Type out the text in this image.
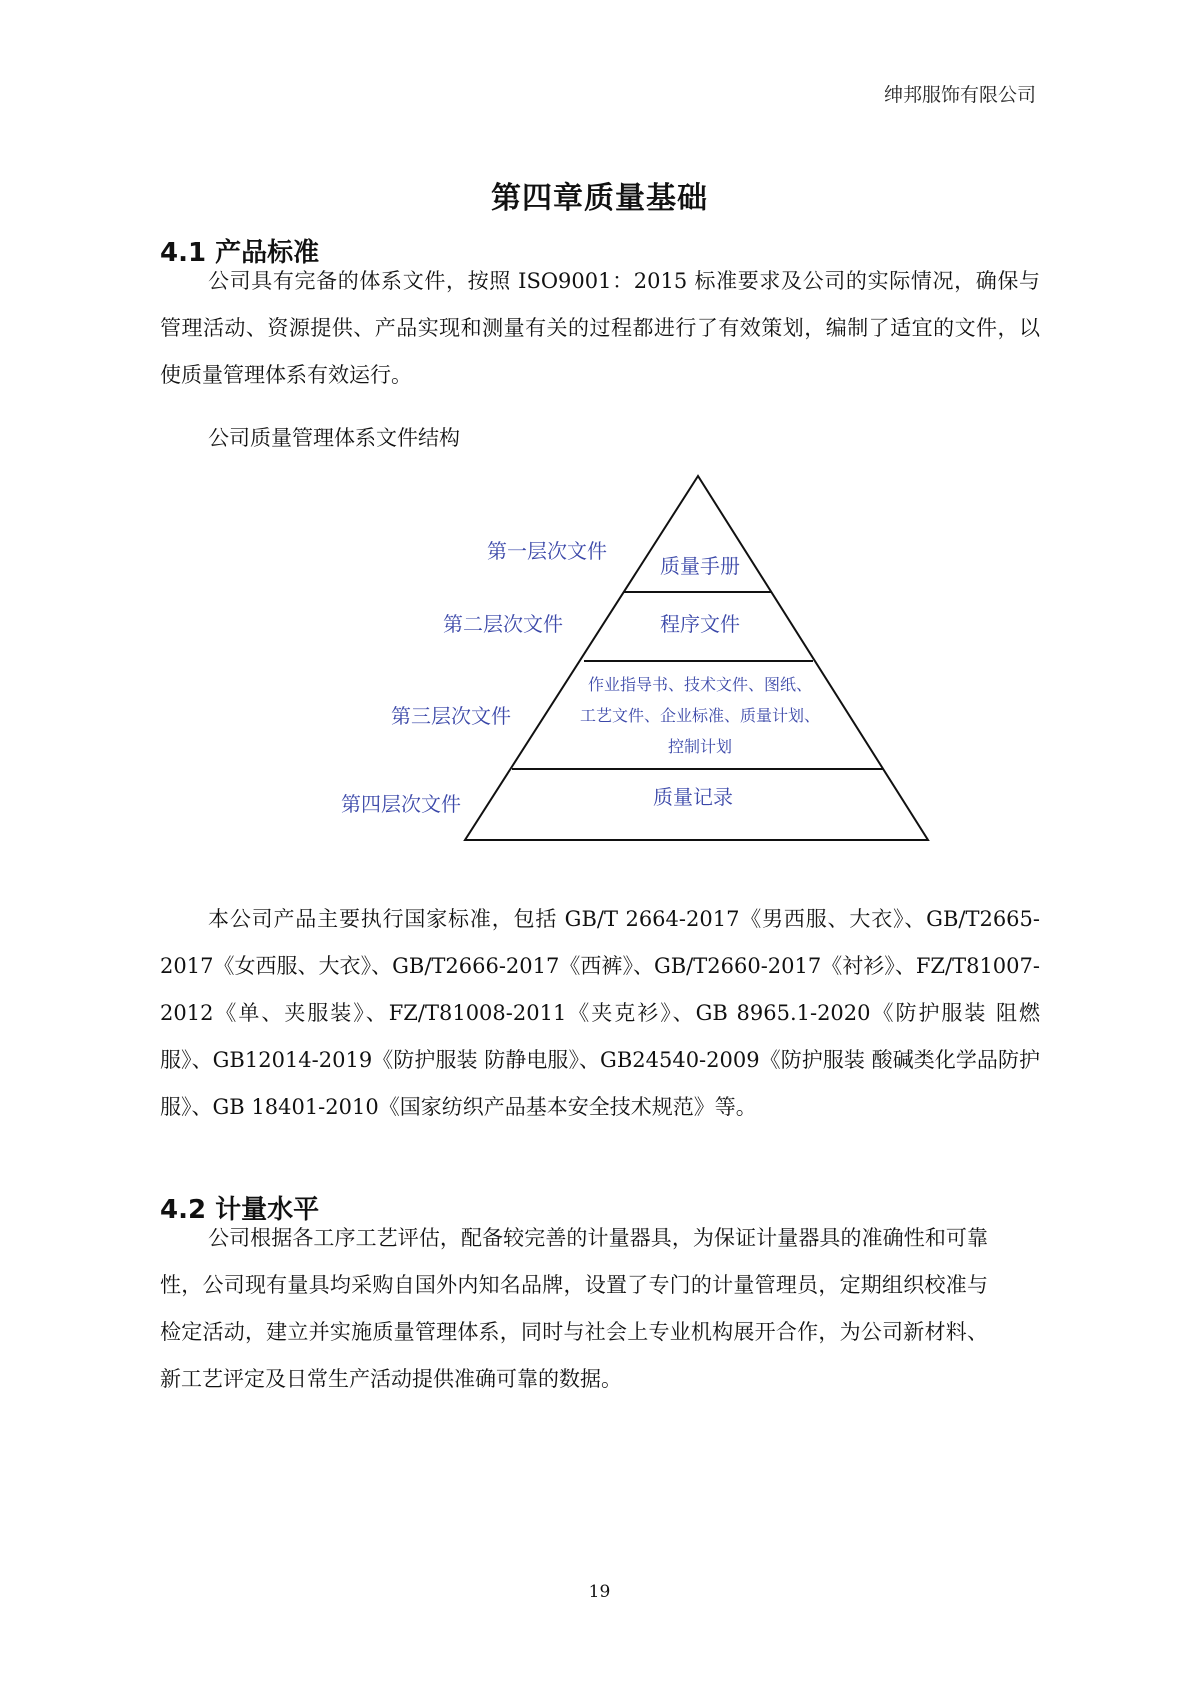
绅邦服饰有限公司
第四章质量基础
4.1 产品标准
公司具有完备的体系文件，按照 ISO9001：2015 标准要求及公司的实际情况，确保与管理活动、资源提供、产品实现和测量有关的过程都进行了有效策划，编制了适宜的文件，以使质量管理体系有效运行。
公司质量管理体系文件结构
第一层次文件
质量手册
第二层次文件	程序文件
第三层次文件
作业指导书、技术文件、图纸、
工艺文件、企业标准、质量计划、
控制计划
第四层次文件	质量记录
本公司产品主要执行国家标准，包括 GB/T 2664-2017《男西服、大衣》、GB/T2665-2017《女西服、大衣》、GB/T2666-2017《西裤》、GB/T2660-2017《衬衫》、FZ/T81007-2012《单、夹服装》、FZ/T81008-2011《夹克衫》、GB 8965.1-2020《防护服装 阻燃服》、GB12014-2019《防护服装 防静电服》、GB24540-2009《防护服装 酸碱类化学品防护服》、GB 18401-2010《国家纺织产品基本安全技术规范》等。
4.2 计量水平
公司根据各工序工艺评估，配备较完善的计量器具，为保证计量器具的准确性和可靠性，公司现有量具均采购自国外内知名品牌，设置了专门的计量管理员，定期组织校准与检定活动，建立并实施质量管理体系，同时与社会上专业机构展开合作，为公司新材料、新工艺评定及日常生产活动提供准确可靠的数据。
19
